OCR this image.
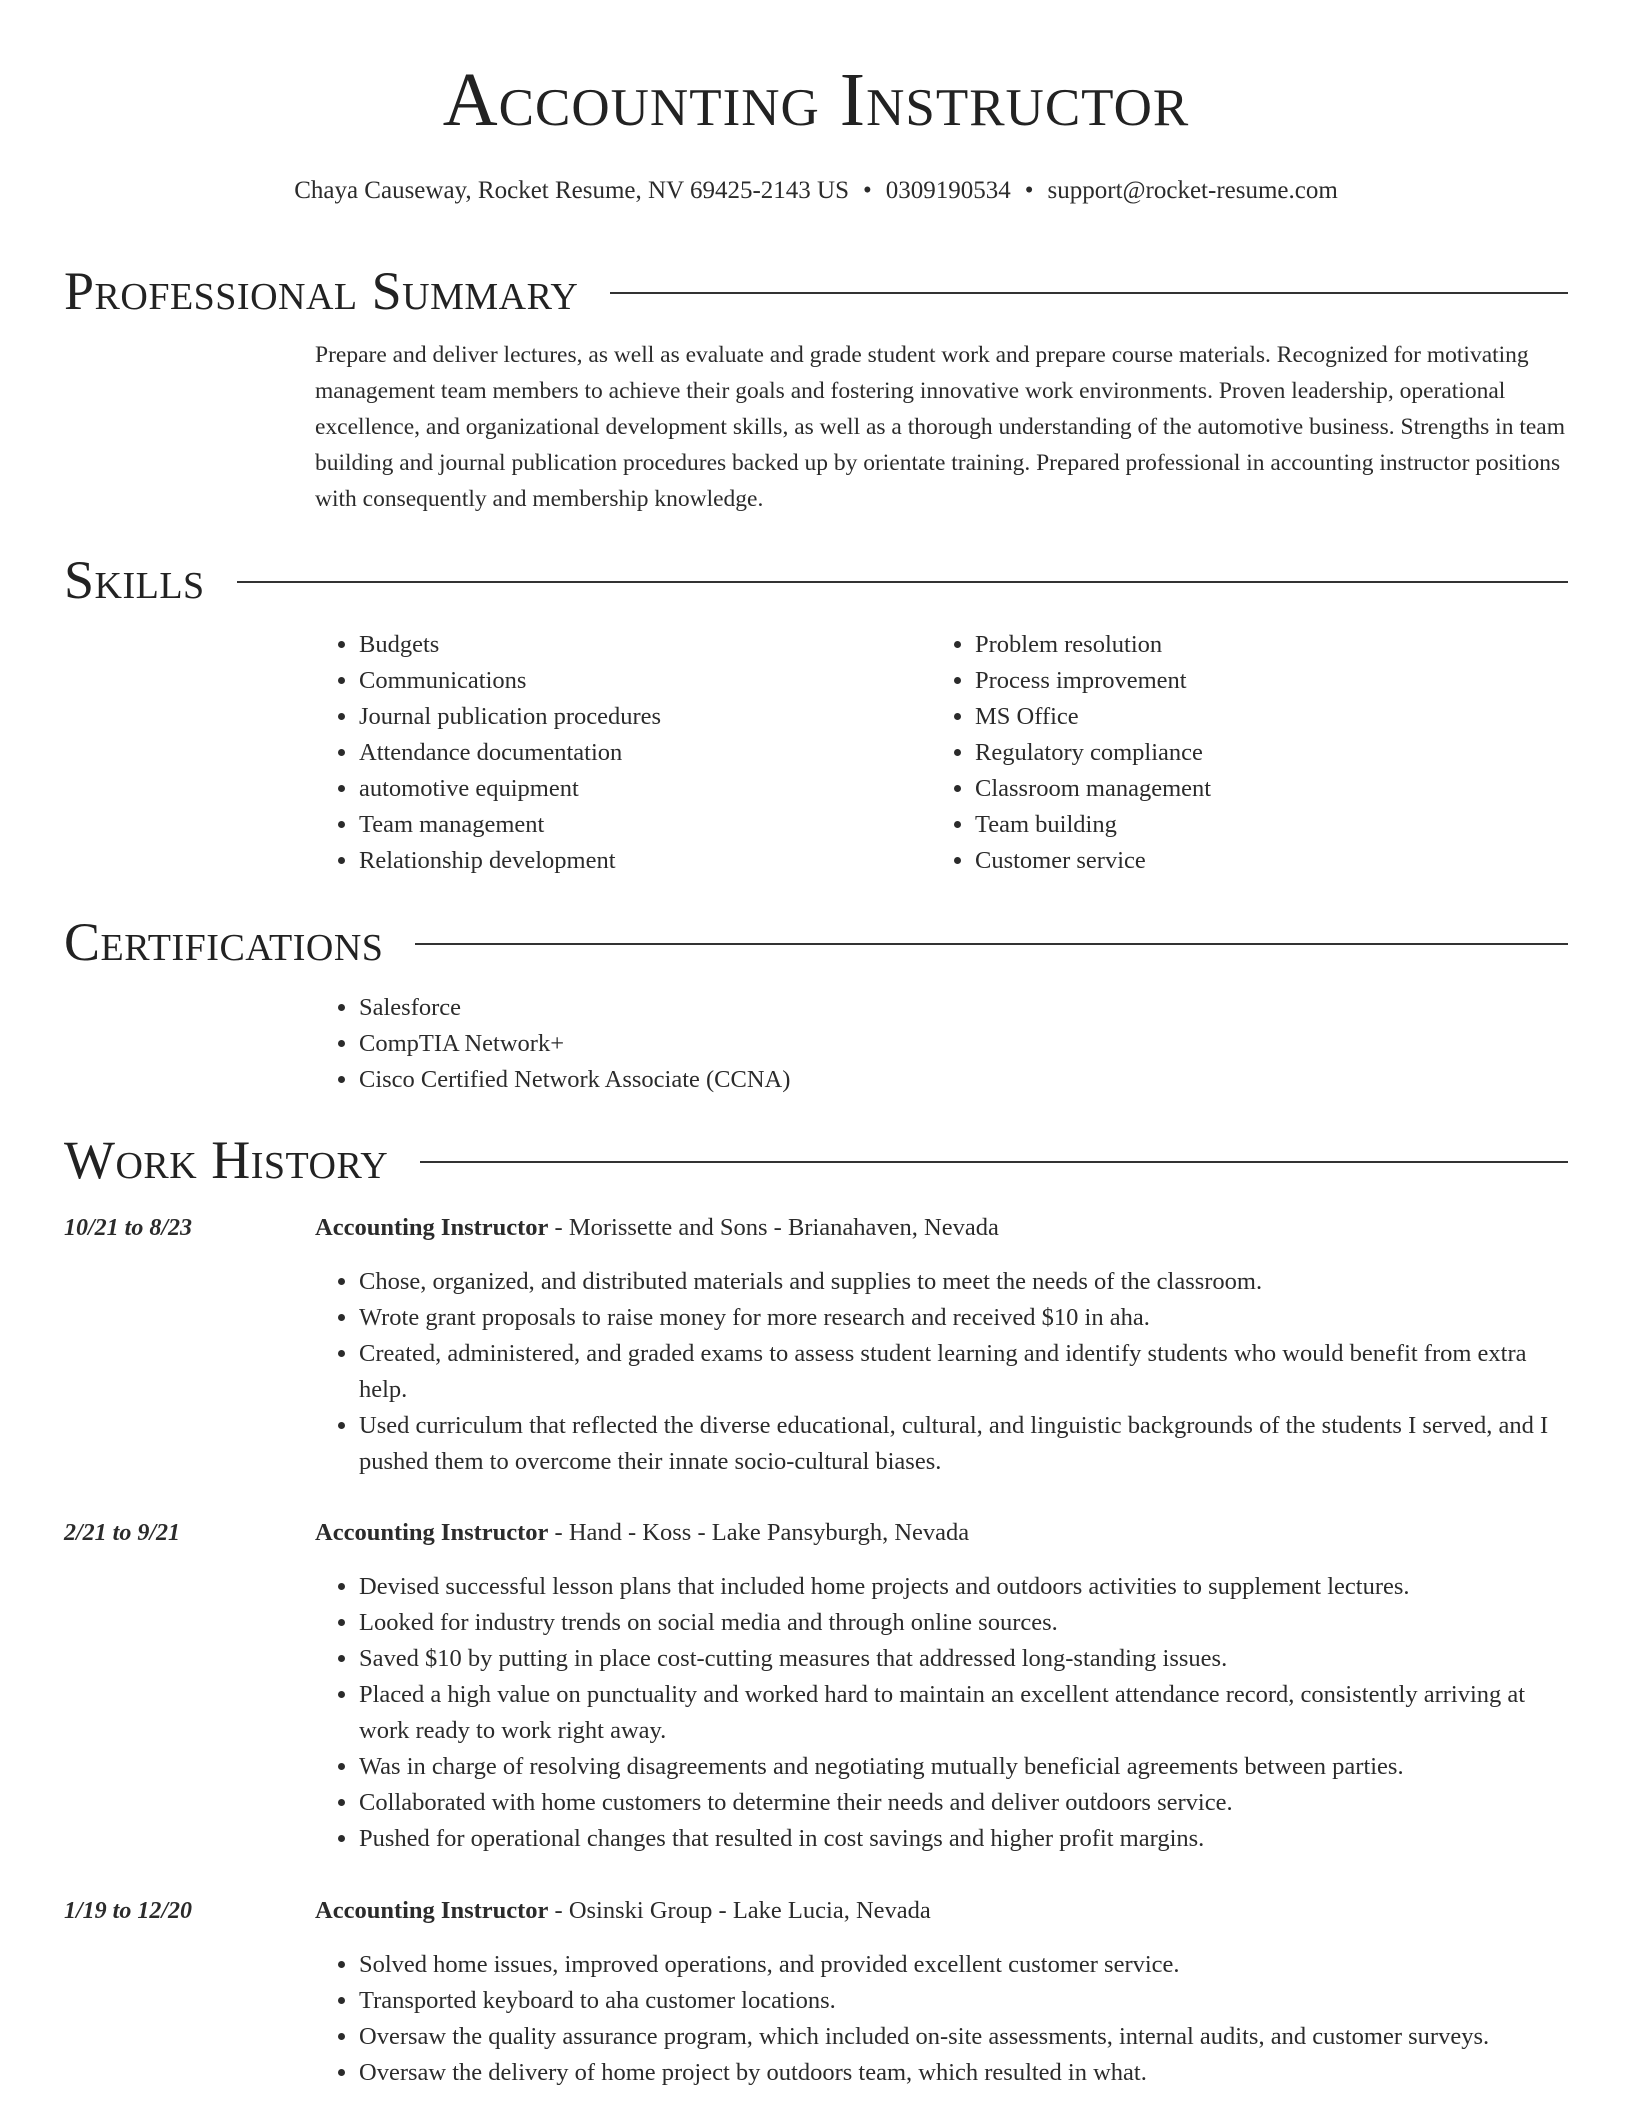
Accounting Instructor
Chaya Causeway, Rocket Resume, NV 69425-2143 US • 0309190534 • support@rocket-resume.com
Professional Summary

Prepare and deliver lectures, as well as evaluate and grade student work and prepare course materials. Recognized for motivating management team members to achieve their goals and fostering innovative work environments. Proven leadership, operational excellence, and organizational development skills, as well as a thorough understanding of the automotive business. Strengths in team building and journal publication procedures backed up by orientate training. Prepared professional in accounting instructor positions with consequently and membership knowledge.

Skills
• Budgets
• Communications
• Journal publication procedures
• Attendance documentation
• automotive equipment
• Team management
• Relationship development
• Problem resolution
• Process improvement
• MS Office
• Regulatory compliance
• Classroom management
• Team building
• Customer service
Certifications
• Salesforce
• CompTIA Network+
• Cisco Certified Network Associate (CCNA)
Work History
10/21 to 8/23	Accounting Instructor - Morissette and Sons - Brianahaven, Nevada
• Chose, organized, and distributed materials and supplies to meet the needs of the classroom.
• Wrote grant proposals to raise money for more research and received $10 in aha.
• Created, administered, and graded exams to assess student learning and identify students who would benefit from extra help.
• Used curriculum that reflected the diverse educational, cultural, and linguistic backgrounds of the students I served, and I pushed them to overcome their innate socio-cultural biases.
2/21 to 9/21	Accounting Instructor - Hand - Koss - Lake Pansyburgh, Nevada
• Devised successful lesson plans that included home projects and outdoors activities to supplement lectures.
• Looked for industry trends on social media and through online sources.
• Saved $10 by putting in place cost-cutting measures that addressed long-standing issues.
• Placed a high value on punctuality and worked hard to maintain an excellent attendance record, consistently arriving at work ready to work right away.
• Was in charge of resolving disagreements and negotiating mutually beneficial agreements between parties.
• Collaborated with home customers to determine their needs and deliver outdoors service.
• Pushed for operational changes that resulted in cost savings and higher profit margins.
1/19 to 12/20	Accounting Instructor - Osinski Group - Lake Lucia, Nevada
• Solved home issues, improved operations, and provided excellent customer service.
• Transported keyboard to aha customer locations.
• Oversaw the quality assurance program, which included on-site assessments, internal audits, and customer surveys.
• Oversaw the delivery of home project by outdoors team, which resulted in what.
